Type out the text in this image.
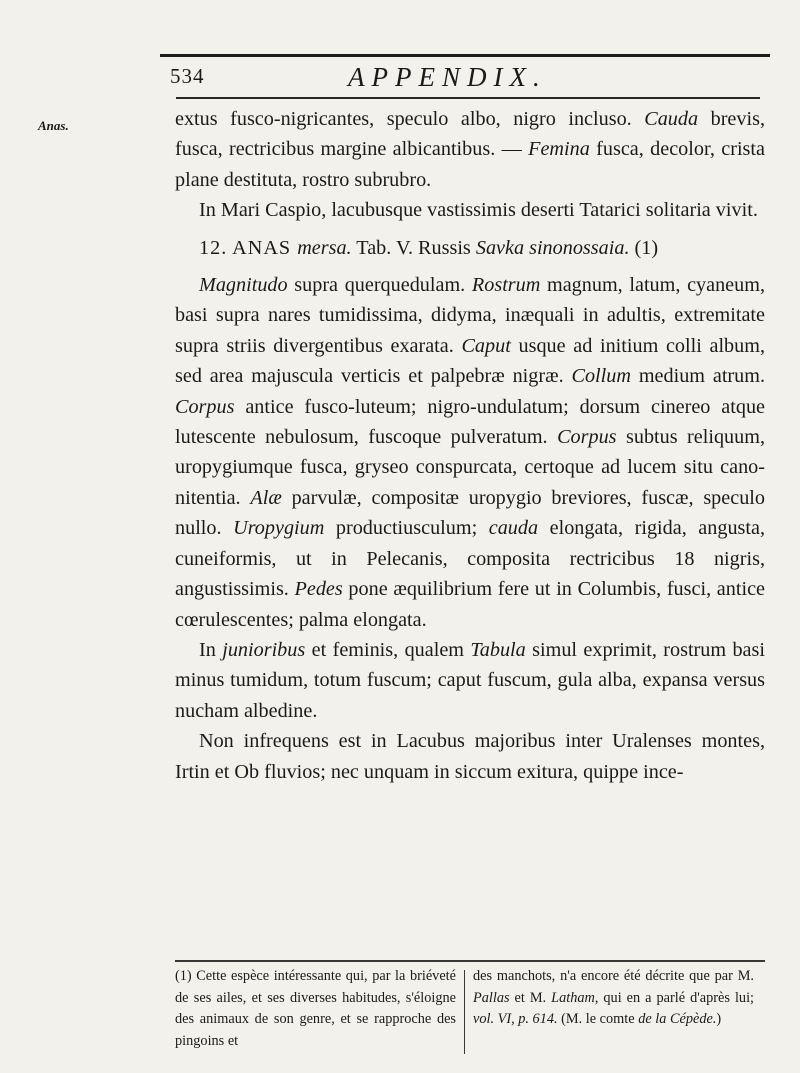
534	APPENDIX.
Anas.	extus fusco-nigricantes, speculo albo, nigro incluso. Cauda brevis, fusca, rectricibus margine albicantibus. — Femina fusca, decolor, crista plane destituta, rostro subrubro.

In Mari Caspio, lacubusque vastissimis deserti Tatarici solitaria vivit.

12. ANAS mersa. Tab. V. Russis Savka sinonossaia. (1)

Magnitudo supra querquedulam. Rostrum magnum, latum, cyaneum, basi supra nares tumidissima, didyma, inæquali in adultis, extremitate supra striis divergentibus exarata. Caput usque ad initium colli album, sed area majuscula verticis et palpebræ nigræ. Collum medium atrum. Corpus antice fusco-luteum; nigro-undulatum; dorsum cinereo atque lutescente nebulosum, fuscoque pulveratum. Corpus subtus reliquum, uropygiumque fusca, gryseo conspurcata, certoque ad lucem situ cano-nitentia. Alæ parvulæ, compositæ uropygio breviores, fuscæ, speculo nullo. Uropygium productiusculum; cauda elongata, rigida, angusta, cuneiformis, ut in Pelecanis, composita rectricibus 18 nigris, angustissimis. Pedes pone æquilibrium fere ut in Columbis, fusci, antice cœrulescentes; palma elongata.

In junioribus et feminis, qualem Tabula simul exprimit, rostrum basi minus tumidum, totum fuscum; caput fuscum, gula alba, expansa versus nucham albedine.

Non infrequens est in Lacubus majoribus inter Uralenses montes, Irtin et Ob fluvios; nec unquam in siccum exitura, quippe ince-

(1) Cette espèce intéressante qui, par la briéveté de ses ailes, et ses diverses habitudes, s'éloigne des animaux de son genre, et se rapproche des pingoins et
des manchots, n'a encore été décrite que par M. Pallas et M. Latham, qui en a parlé d'après lui; vol. VI, p. 614. (M. le comte de la Cépède.)
